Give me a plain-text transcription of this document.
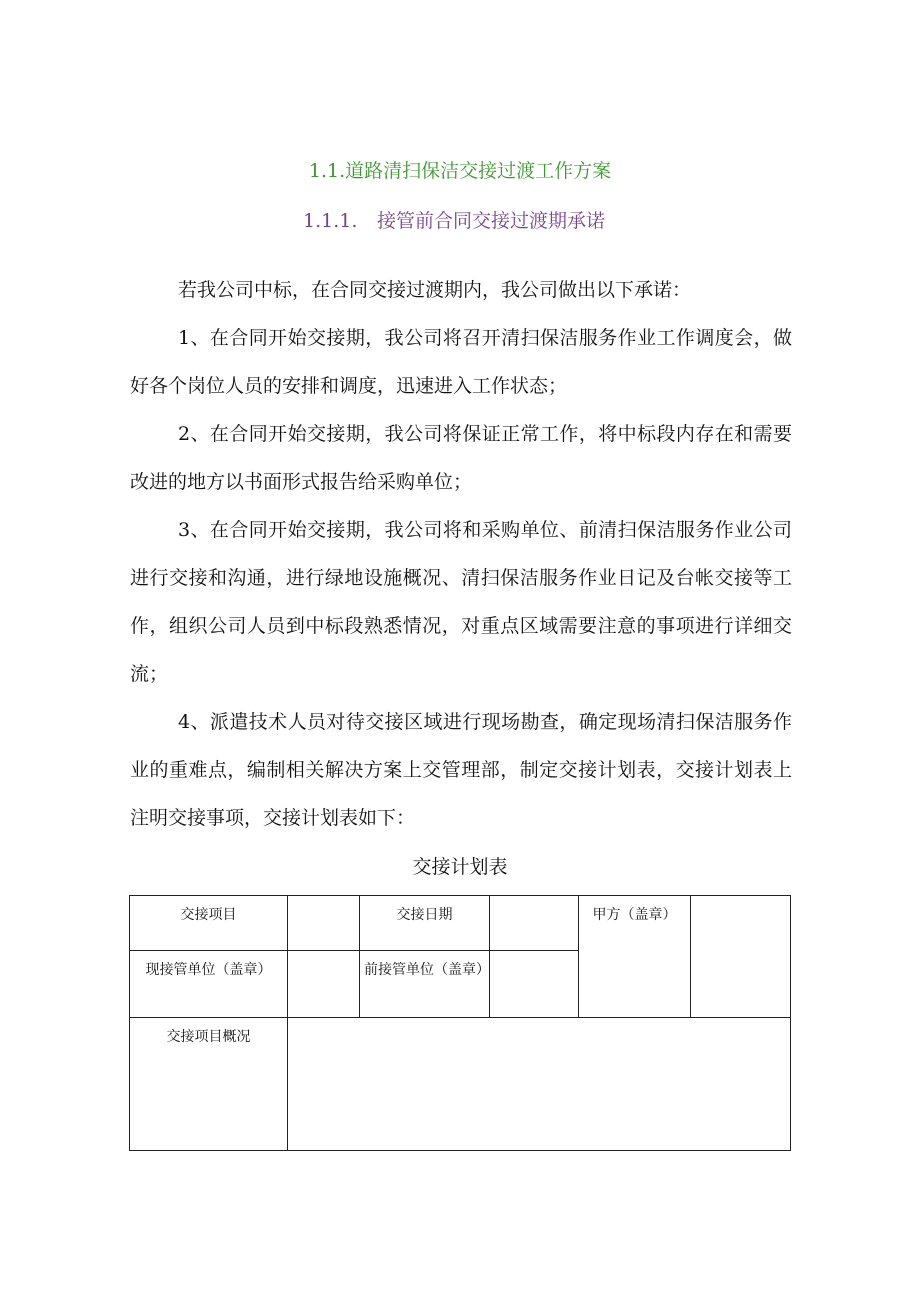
1.1.道路清扫保洁交接过渡工作方案
1.1.1. 接管前合同交接过渡期承诺
若我公司中标，在合同交接过渡期内，我公司做出以下承诺：
1、在合同开始交接期，我公司将召开清扫保洁服务作业工作调度会，做好各个岗位人员的安排和调度，迅速进入工作状态；
2、在合同开始交接期，我公司将保证正常工作，将中标段内存在和需要改进的地方以书面形式报告给采购单位；
3、在合同开始交接期，我公司将和采购单位、前清扫保洁服务作业公司进行交接和沟通，进行绿地设施概况、清扫保洁服务作业日记及台帐交接等工作，组织公司人员到中标段熟悉情况，对重点区域需要注意的事项进行详细交流；
4、派遣技术人员对待交接区域进行现场勘查，确定现场清扫保洁服务作业的重难点，编制相关解决方案上交管理部，制定交接计划表，交接计划表上注明交接事项，交接计划表如下：
交接计划表
交接项目		交接日期		甲方（盖章）	
现接管单位（盖章）		前接管单位（盖章）			
交接项目概况					
